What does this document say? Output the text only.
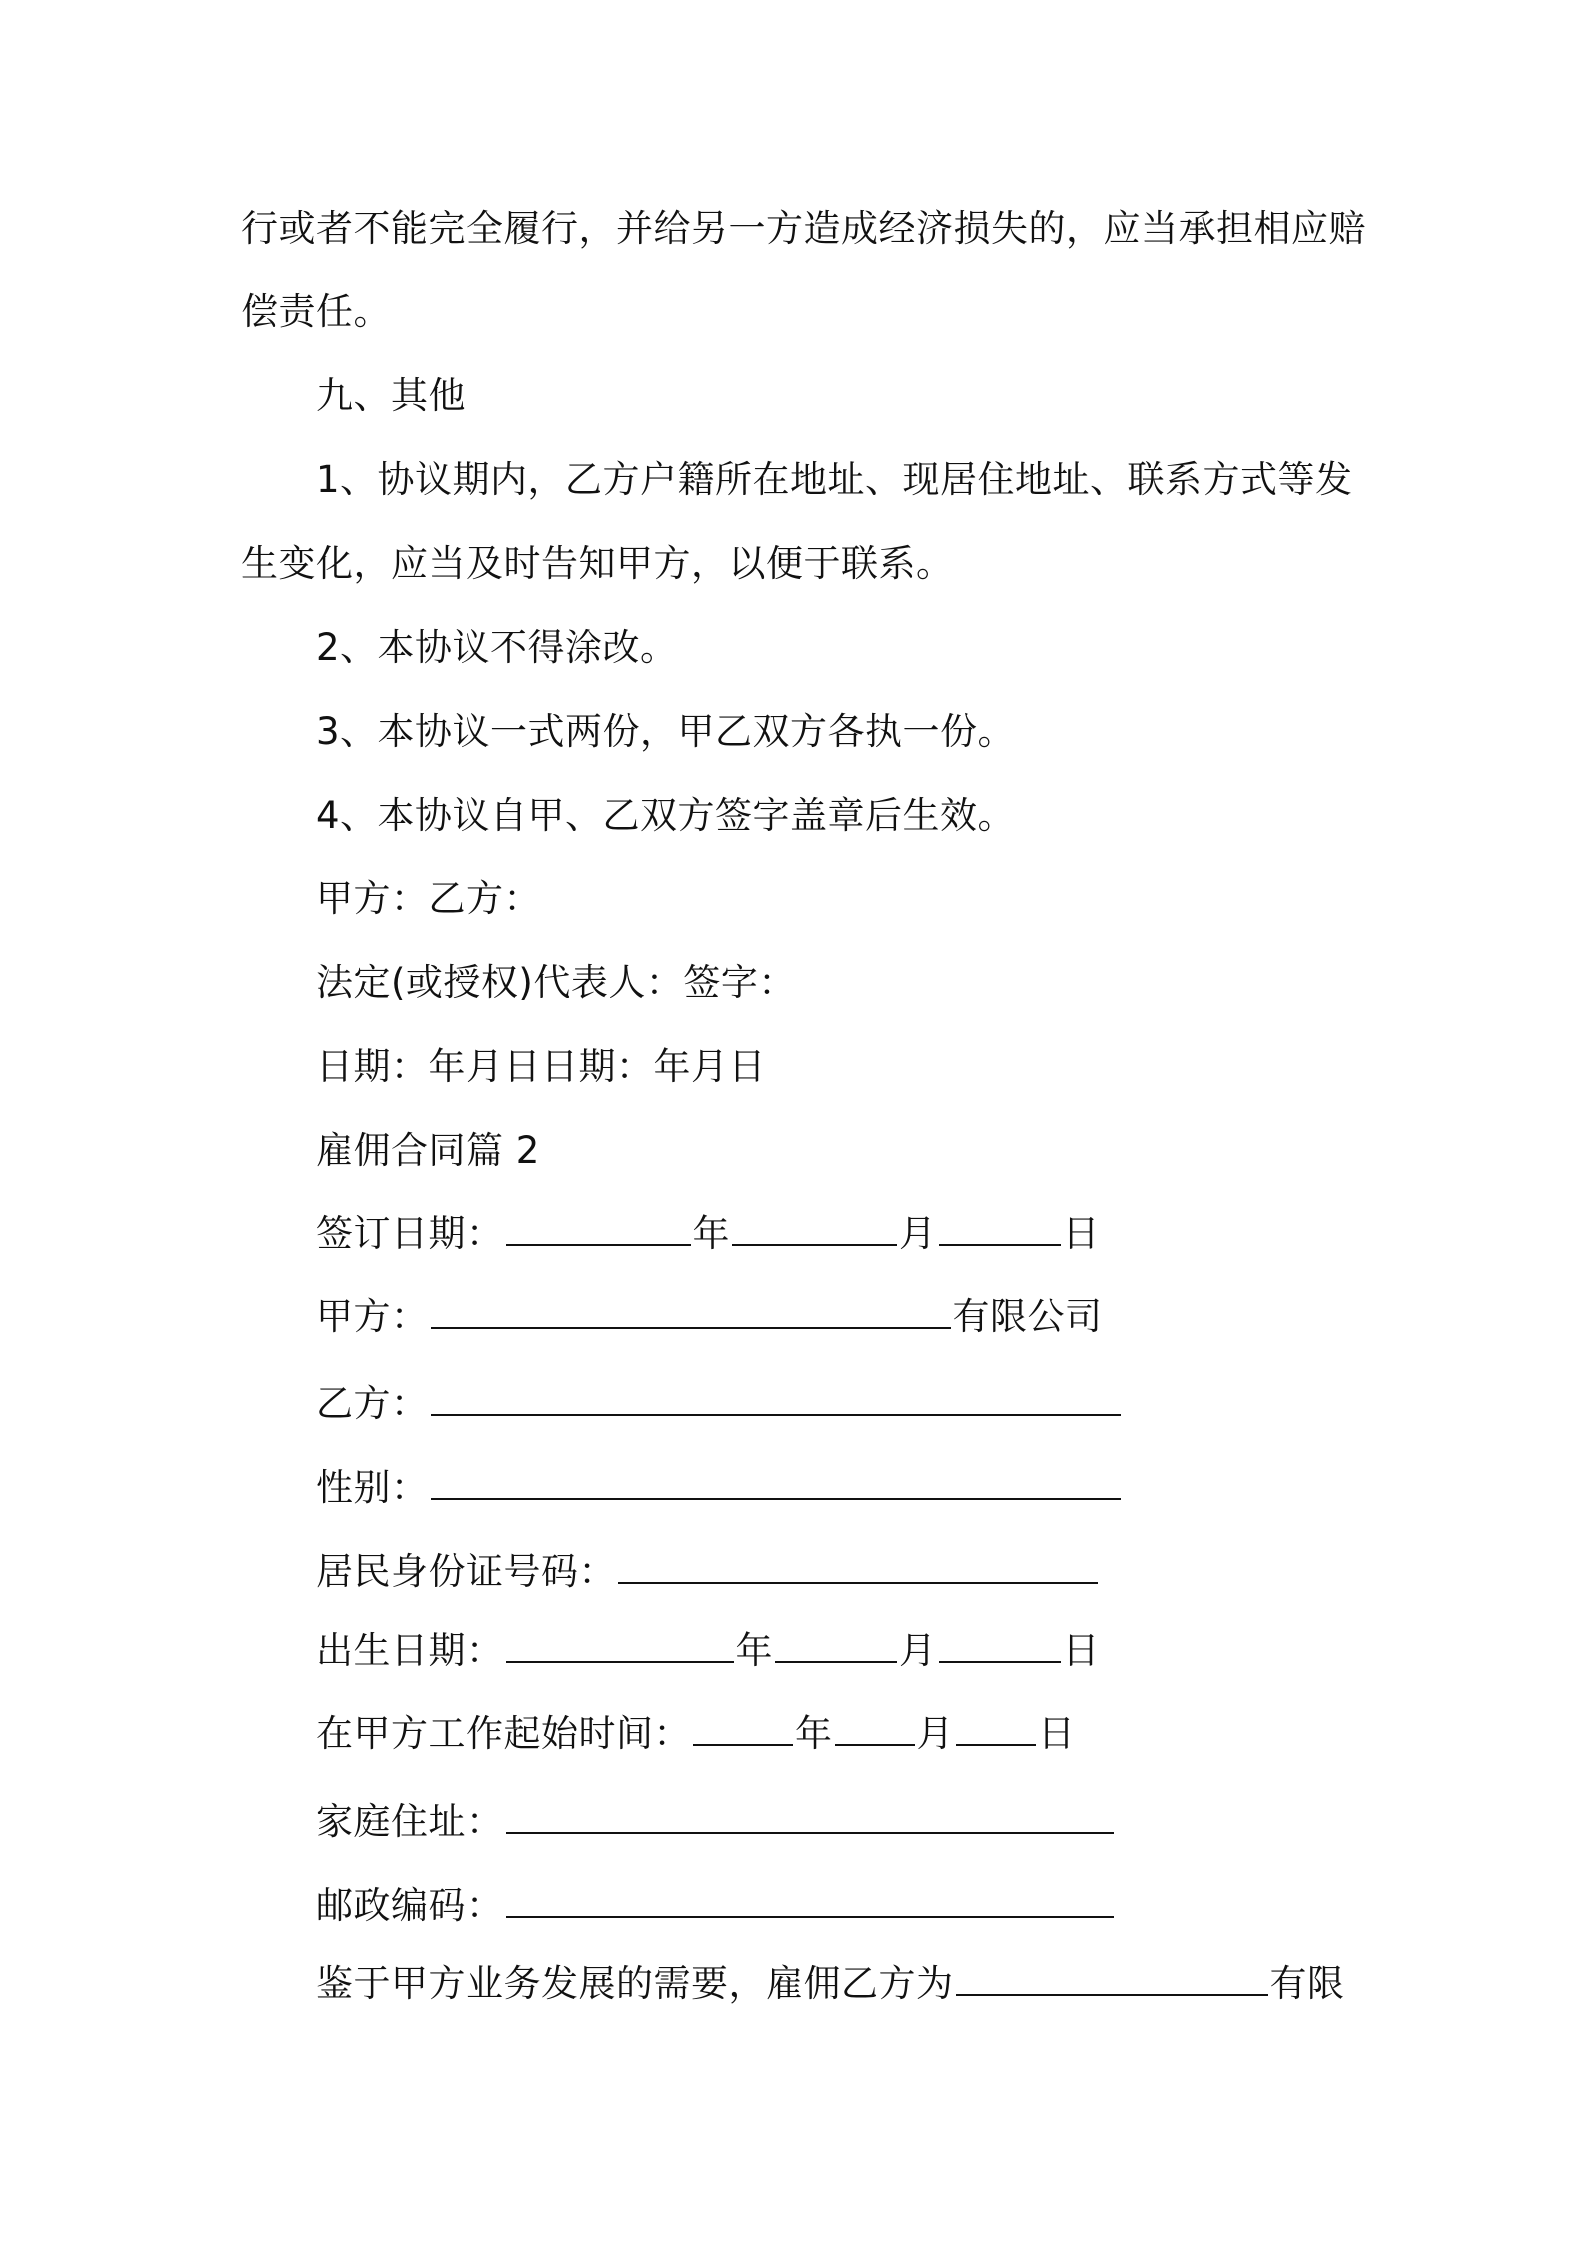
行或者不能完全履行，并给另一方造成经济损失的，应当承担相应赔
偿责任。
九、其他
1、协议期内，乙方户籍所在地址、现居住地址、联系方式等发
生变化，应当及时告知甲方，以便于联系。
2、本协议不得涂改。
3、本协议一式两份，甲乙双方各执一份。
4、本协议自甲、乙双方签字盖章后生效。
甲方：乙方：
法定(或授权)代表人：签字：
日期：年月日日期：年月日
雇佣合同篇 2
签订日期：	年	月	日
甲方：	有限公司
乙方：
性别：
居民身份证号码：
出生日期：	年	月	日
在甲方工作起始时间：	年 月 日
家庭住址：
邮政编码：
鉴于甲方业务发展的需要，雇佣乙方为	有限
